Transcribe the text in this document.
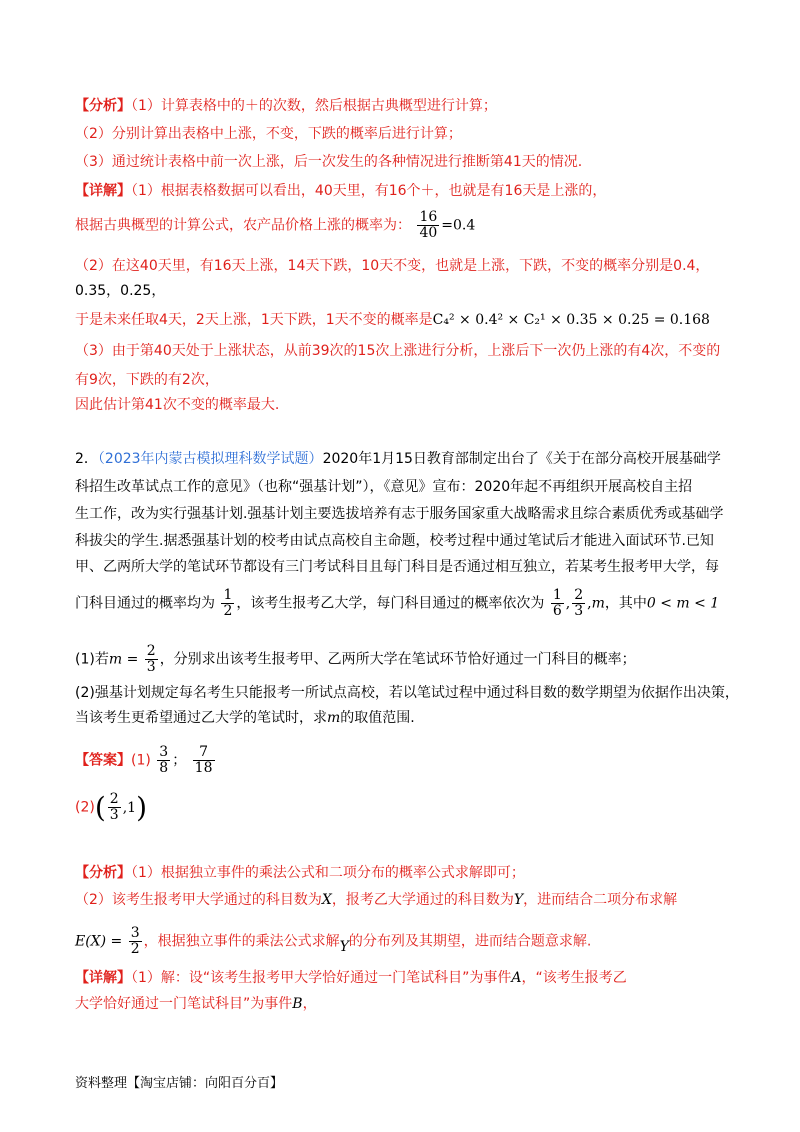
【分析】（1）计算表格中的＋的次数，然后根据古典概型进行计算；
（2）分别计算出表格中上涨，不变，下跌的概率后进行计算；
（3）通过统计表格中前一次上涨，后一次发生的各种情况进行推断第41天的情况.
【详解】（1）根据表格数据可以看出，40天里，有16个＋，也就是有16天是上涨的，
根据古典概型的计算公式，农产品价格上涨的概率为： $\frac{16}{40} =0.4$
（2）在这40天里，有16天上涨，14天下跌，10天不变，也就是上涨，下跌，不变的概率分别是0.4，
0.35，0.25，
于是未来任取4天，2天上涨，1天下跌，1天不变的概率是C₄² × 0.4² × C₂¹ × 0.35 × 0.25 = 0.168
（3）由于第40天处于上涨状态，从前39次的15次上涨进行分析，上涨后下一次仍上涨的有4次，不变的
有9次，下跌的有2次，
因此估计第41次不变的概率最大.
2．（2023年内蒙古模拟理科数学试题）2020年1月15日教育部制定出台了《关于在部分高校开展基础学
科招生改革试点工作的意见》（也称“强基计划”），《意见》宣布：2020年起不再组织开展高校自主招
生工作，改为实行强基计划.强基计划主要选拔培养有志于服务国家重大战略需求且综合素质优秀或基础学
科拔尖的学生.据悉强基计划的校考由试点高校自主命题，校考过程中通过笔试后才能进入面试环节.已知
甲、乙两所大学的笔试环节都设有三门考试科目且每门科目是否通过相互独立，若某考生报考甲大学，每
门科目通过的概率均为 $\frac{1}{2}$ ，该考生报考乙大学，每门科目通过的概率依次为 $\frac{1}{6}$ , $\frac{2}{3} ,m$，其中0 < m < 1
(1)若$m = \frac{2}{3}$ ，分别求出该考生报考甲、乙两所大学在笔试环节恰好通过一门科目的概率；
(2)强基计划规定每名考生只能报考一所试点高校，若以笔试过程中通过科目数的数学期望为依据作出决策，
当该考生更希望通过乙大学的笔试时，求m的取值范围.
【答案】$(1) \frac{3}{8}$ ； $\frac{7}{18}$
$(2)( \frac{2}{3} ,1)$
【分析】（1）根据独立事件的乘法公式和二项分布的概率公式求解即可；
（2）该考生报考甲大学通过的科目数为X，报考乙大学通过的科目数为Y，进而结合二项分布求解
$E(X) = \frac{3}{2}$ ，根据独立事件的乘法公式求解Y的分布列及其期望，进而结合题意求解.
【详解】（1）解：设“该考生报考甲大学恰好通过一门笔试科目”为事件A，“该考生报考乙
大学恰好通过一门笔试科目”为事件B，
资料整理【淘宝店铺：向阳百分百】
